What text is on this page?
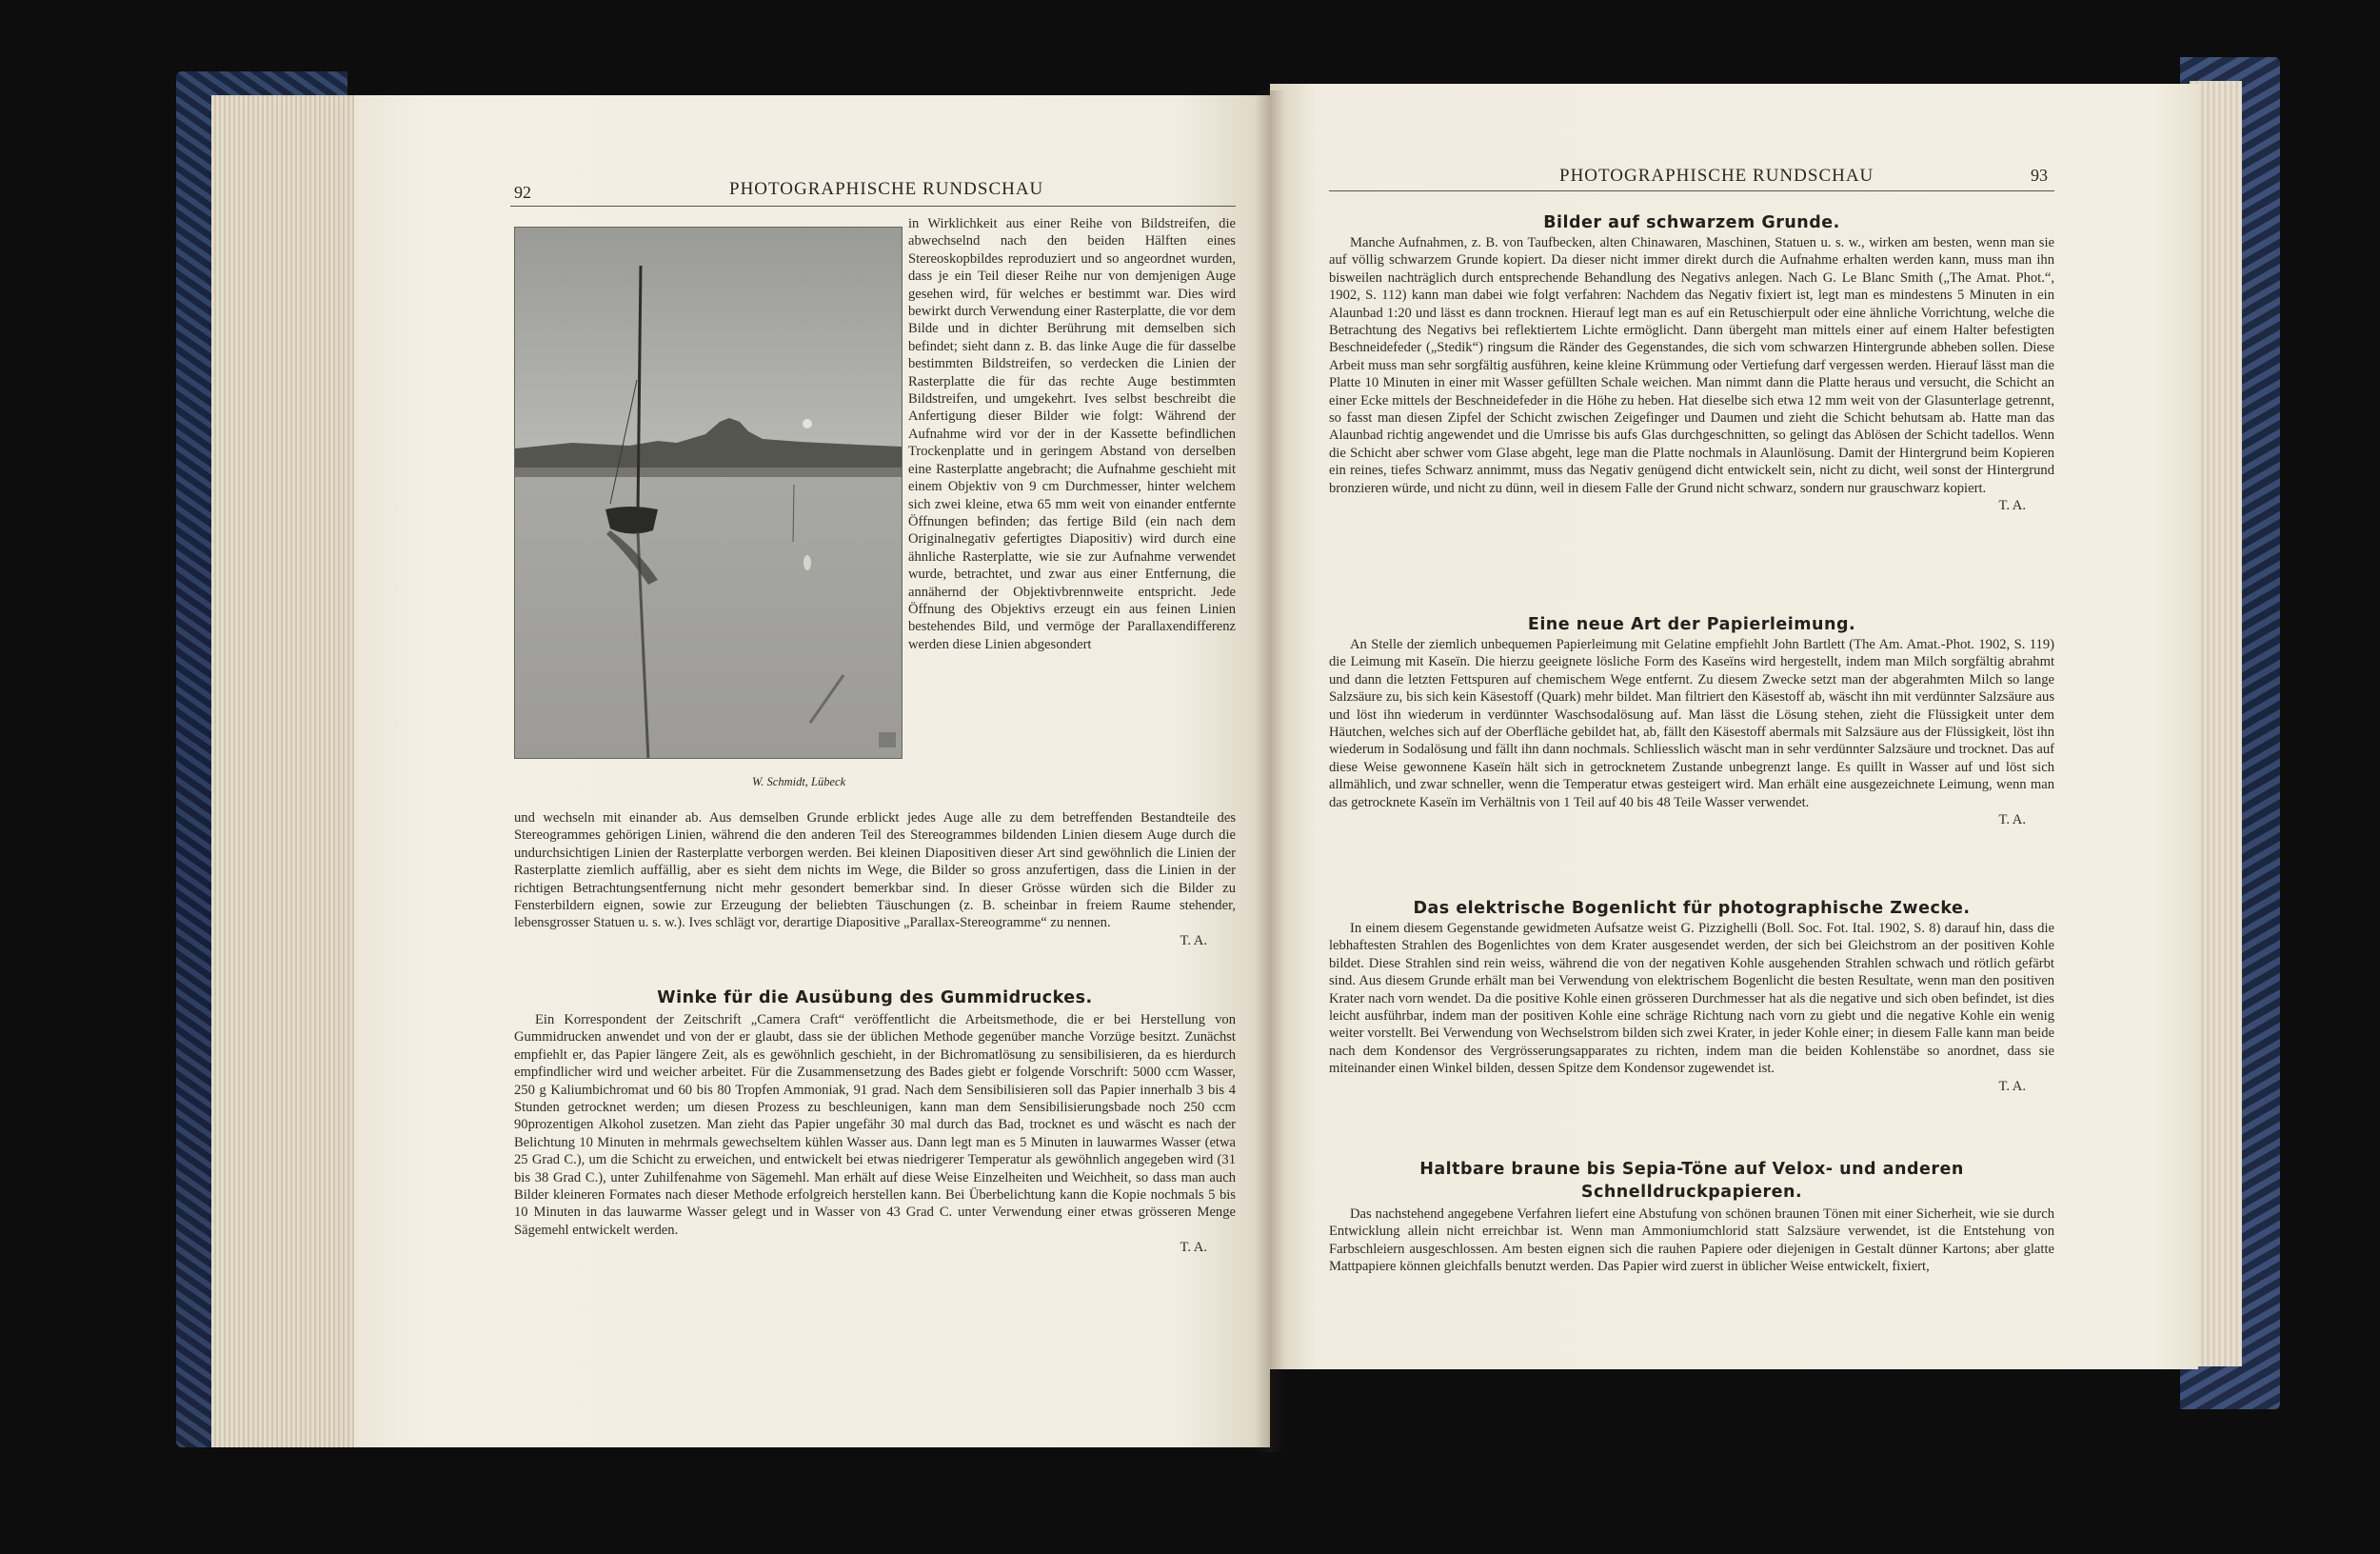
92	PHOTOGRAPHISCHE RUNDSCHAU
W. Schmidt, Lübeck

in Wirklichkeit aus einer Reihe von Bildstreifen, die abwechselnd nach den beiden Hälften eines Stereoskopbildes reproduziert und so angeordnet wurden, dass je ein Teil dieser Reihe nur von demjenigen Auge gesehen wird, für welches er bestimmt war. Dies wird bewirkt durch Verwendung einer Rasterplatte, die vor dem Bilde und in dichter Berührung mit demselben sich befindet; sieht dann z. B. das linke Auge die für dasselbe bestimmten Bildstreifen, so verdecken die Linien der Rasterplatte die für das rechte Auge bestimmten Bildstreifen, und umgekehrt. Ives selbst beschreibt die Anfertigung dieser Bilder wie folgt: Während der Aufnahme wird vor der in der Kassette befindlichen Trockenplatte und in geringem Abstand von derselben eine Rasterplatte angebracht; die Aufnahme geschieht mit einem Objektiv von 9 cm Durchmesser, hinter welchem sich zwei kleine, etwa 65 mm weit von einander entfernte Öffnungen befinden; das fertige Bild (ein nach dem Originalnegativ gefertigtes Diapositiv) wird durch eine ähnliche Rasterplatte, wie sie zur Aufnahme verwendet wurde, betrachtet, und zwar aus einer Entfernung, die annähernd der Objektivbrennweite entspricht. Jede Öffnung des Objektivs erzeugt ein aus feinen Linien bestehendes Bild, und vermöge der Parallaxendifferenz werden diese Linien abgesondert

und wechseln mit einander ab. Aus demselben Grunde erblickt jedes Auge alle zu dem betreffenden Bestandteile des Stereogrammes gehörigen Linien, während die den anderen Teil des Stereogrammes bildenden Linien diesem Auge durch die undurchsichtigen Linien der Rasterplatte verborgen werden. Bei kleinen Diapositiven dieser Art sind gewöhnlich die Linien der Rasterplatte ziemlich auffällig, aber es sieht dem nichts im Wege, die Bilder so gross anzufertigen, dass die Linien in der richtigen Betrachtungsentfernung nicht mehr gesondert bemerkbar sind. In dieser Grösse würden sich die Bilder zu Fensterbildern eignen, sowie zur Erzeugung der beliebten Täuschungen (z. B. scheinbar in freiem Raume stehender, lebensgrosser Statuen u. s. w.). Ives schlägt vor, derartige Diapositive „Parallax-Stereogramme“ zu nennen.

T. A.
Winke für die Ausübung des Gummidruckes.

Ein Korrespondent der Zeitschrift „Camera Craft“ veröffentlicht die Arbeitsmethode, die er bei Herstellung von Gummidrucken anwendet und von der er glaubt, dass sie der üblichen Methode gegenüber manche Vorzüge besitzt. Zunächst empfiehlt er, das Papier längere Zeit, als es gewöhnlich geschieht, in der Bichromatlösung zu sensibilisieren, da es hierdurch empfindlicher wird und weicher arbeitet. Für die Zusammensetzung des Bades giebt er folgende Vorschrift: 5000 ccm Wasser, 250 g Kaliumbichromat und 60 bis 80 Tropfen Ammoniak, 91 grad. Nach dem Sensibilisieren soll das Papier innerhalb 3 bis 4 Stunden getrocknet werden; um diesen Prozess zu beschleunigen, kann man dem Sensibilisierungsbade noch 250 ccm 90prozentigen Alkohol zusetzen. Man zieht das Papier ungefähr 30 mal durch das Bad, trocknet es und wäscht es nach der Belichtung 10 Minuten in mehrmals gewechseltem kühlen Wasser aus. Dann legt man es 5 Minuten in lauwarmes Wasser (etwa 25 Grad C.), um die Schicht zu erweichen, und entwickelt bei etwas niedrigerer Temperatur als gewöhnlich angegeben wird (31 bis 38 Grad C.), unter Zuhilfenahme von Sägemehl. Man erhält auf diese Weise Einzelheiten und Weichheit, so dass man auch Bilder kleineren Formates nach dieser Methode erfolgreich herstellen kann. Bei Überbelichtung kann die Kopie nochmals 5 bis 10 Minuten in das lauwarme Wasser gelegt und in Wasser von 43 Grad C. unter Verwendung einer etwas grösseren Menge Sägemehl entwickelt werden.

T. A.
PHOTOGRAPHISCHE RUNDSCHAU	93
Bilder auf schwarzem Grunde.

Manche Aufnahmen, z. B. von Taufbecken, alten Chinawaren, Maschinen, Statuen u. s. w., wirken am besten, wenn man sie auf völlig schwarzem Grunde kopiert. Da dieser nicht immer direkt durch die Aufnahme erhalten werden kann, muss man ihn bisweilen nachträglich durch entsprechende Behandlung des Negativs anlegen. Nach G. Le Blanc Smith („The Amat. Phot.“, 1902, S. 112) kann man dabei wie folgt verfahren: Nachdem das Negativ fixiert ist, legt man es mindestens 5 Minuten in ein Alaunbad 1:20 und lässt es dann trocknen. Hierauf legt man es auf ein Retuschierpult oder eine ähnliche Vorrichtung, welche die Betrachtung des Negativs bei reflektiertem Lichte ermöglicht. Dann übergeht man mittels einer auf einem Halter befestigten Beschneidefeder („Stedik“) ringsum die Ränder des Gegenstandes, die sich vom schwarzen Hintergrunde abheben sollen. Diese Arbeit muss man sehr sorgfältig ausführen, keine kleine Krümmung oder Vertiefung darf vergessen werden. Hierauf lässt man die Platte 10 Minuten in einer mit Wasser gefüllten Schale weichen. Man nimmt dann die Platte heraus und versucht, die Schicht an einer Ecke mittels der Beschneidefeder in die Höhe zu heben. Hat dieselbe sich etwa 12 mm weit von der Glasunterlage getrennt, so fasst man diesen Zipfel der Schicht zwischen Zeigefinger und Daumen und zieht die Schicht behutsam ab. Hatte man das Alaunbad richtig angewendet und die Umrisse bis aufs Glas durchgeschnitten, so gelingt das Ablösen der Schicht tadellos. Wenn die Schicht aber schwer vom Glase abgeht, lege man die Platte nochmals in Alaunlösung. Damit der Hintergrund beim Kopieren ein reines, tiefes Schwarz annimmt, muss das Negativ genügend dicht entwickelt sein, nicht zu dicht, weil sonst der Hintergrund bronzieren würde, und nicht zu dünn, weil in diesem Falle der Grund nicht schwarz, sondern nur grauschwarz kopiert.

T. A.
Eine neue Art der Papierleimung.

An Stelle der ziemlich unbequemen Papierleimung mit Gelatine empfiehlt John Bartlett (The Am. Amat.-Phot. 1902, S. 119) die Leimung mit Kaseïn. Die hierzu geeignete lösliche Form des Kaseïns wird hergestellt, indem man Milch sorgfältig abrahmt und dann die letzten Fettspuren auf chemischem Wege entfernt. Zu diesem Zwecke setzt man der abgerahmten Milch so lange Salzsäure zu, bis sich kein Käsestoff (Quark) mehr bildet. Man filtriert den Käsestoff ab, wäscht ihn mit verdünnter Salzsäure aus und löst ihn wiederum in verdünnter Waschsodalösung auf. Man lässt die Lösung stehen, zieht die Flüssigkeit unter dem Häutchen, welches sich auf der Oberfläche gebildet hat, ab, fällt den Käsestoff abermals mit Salzsäure aus der Flüssigkeit, löst ihn wiederum in Sodalösung und fällt ihn dann nochmals. Schliesslich wäscht man in sehr verdünnter Salzsäure und trocknet. Das auf diese Weise gewonnene Kaseïn hält sich in getrocknetem Zustande unbegrenzt lange. Es quillt in Wasser auf und löst sich allmählich, und zwar schneller, wenn die Temperatur etwas gesteigert wird. Man erhält eine ausgezeichnete Leimung, wenn man das getrocknete Kaseïn im Verhältnis von 1 Teil auf 40 bis 48 Teile Wasser verwendet.

T. A.
Das elektrische Bogenlicht für photographische Zwecke.

In einem diesem Gegenstande gewidmeten Aufsatze weist G. Pizzighelli (Boll. Soc. Fot. Ital. 1902, S. 8) darauf hin, dass die lebhaftesten Strahlen des Bogenlichtes von dem Krater ausgesendet werden, der sich bei Gleichstrom an der positiven Kohle bildet. Diese Strahlen sind rein weiss, während die von der negativen Kohle ausgehenden Strahlen schwach und rötlich gefärbt sind. Aus diesem Grunde erhält man bei Verwendung von elektrischem Bogenlicht die besten Resultate, wenn man den positiven Krater nach vorn wendet. Da die positive Kohle einen grösseren Durchmesser hat als die negative und sich oben befindet, ist dies leicht ausführbar, indem man der positiven Kohle eine schräge Richtung nach vorn zu giebt und die negative Kohle ein wenig weiter vorstellt. Bei Verwendung von Wechselstrom bilden sich zwei Krater, in jeder Kohle einer; in diesem Falle kann man beide nach dem Kondensor des Vergrösserungsapparates zu richten, indem man die beiden Kohlenstäbe so anordnet, dass sie miteinander einen Winkel bilden, dessen Spitze dem Kondensor zugewendet ist.

T. A.
Haltbare braune bis Sepia-Töne auf Velox- und anderen
Schnelldruckpapieren.

Das nachstehend angegebene Verfahren liefert eine Abstufung von schönen braunen Tönen mit einer Sicherheit, wie sie durch Entwicklung allein nicht erreichbar ist. Wenn man Ammoniumchlorid statt Salzsäure verwendet, ist die Entstehung von Farbschleiern ausgeschlossen. Am besten eignen sich die rauhen Papiere oder diejenigen in Gestalt dünner Kartons; aber glatte Mattpapiere können gleichfalls benutzt werden. Das Papier wird zuerst in üblicher Weise entwickelt, fixiert,
